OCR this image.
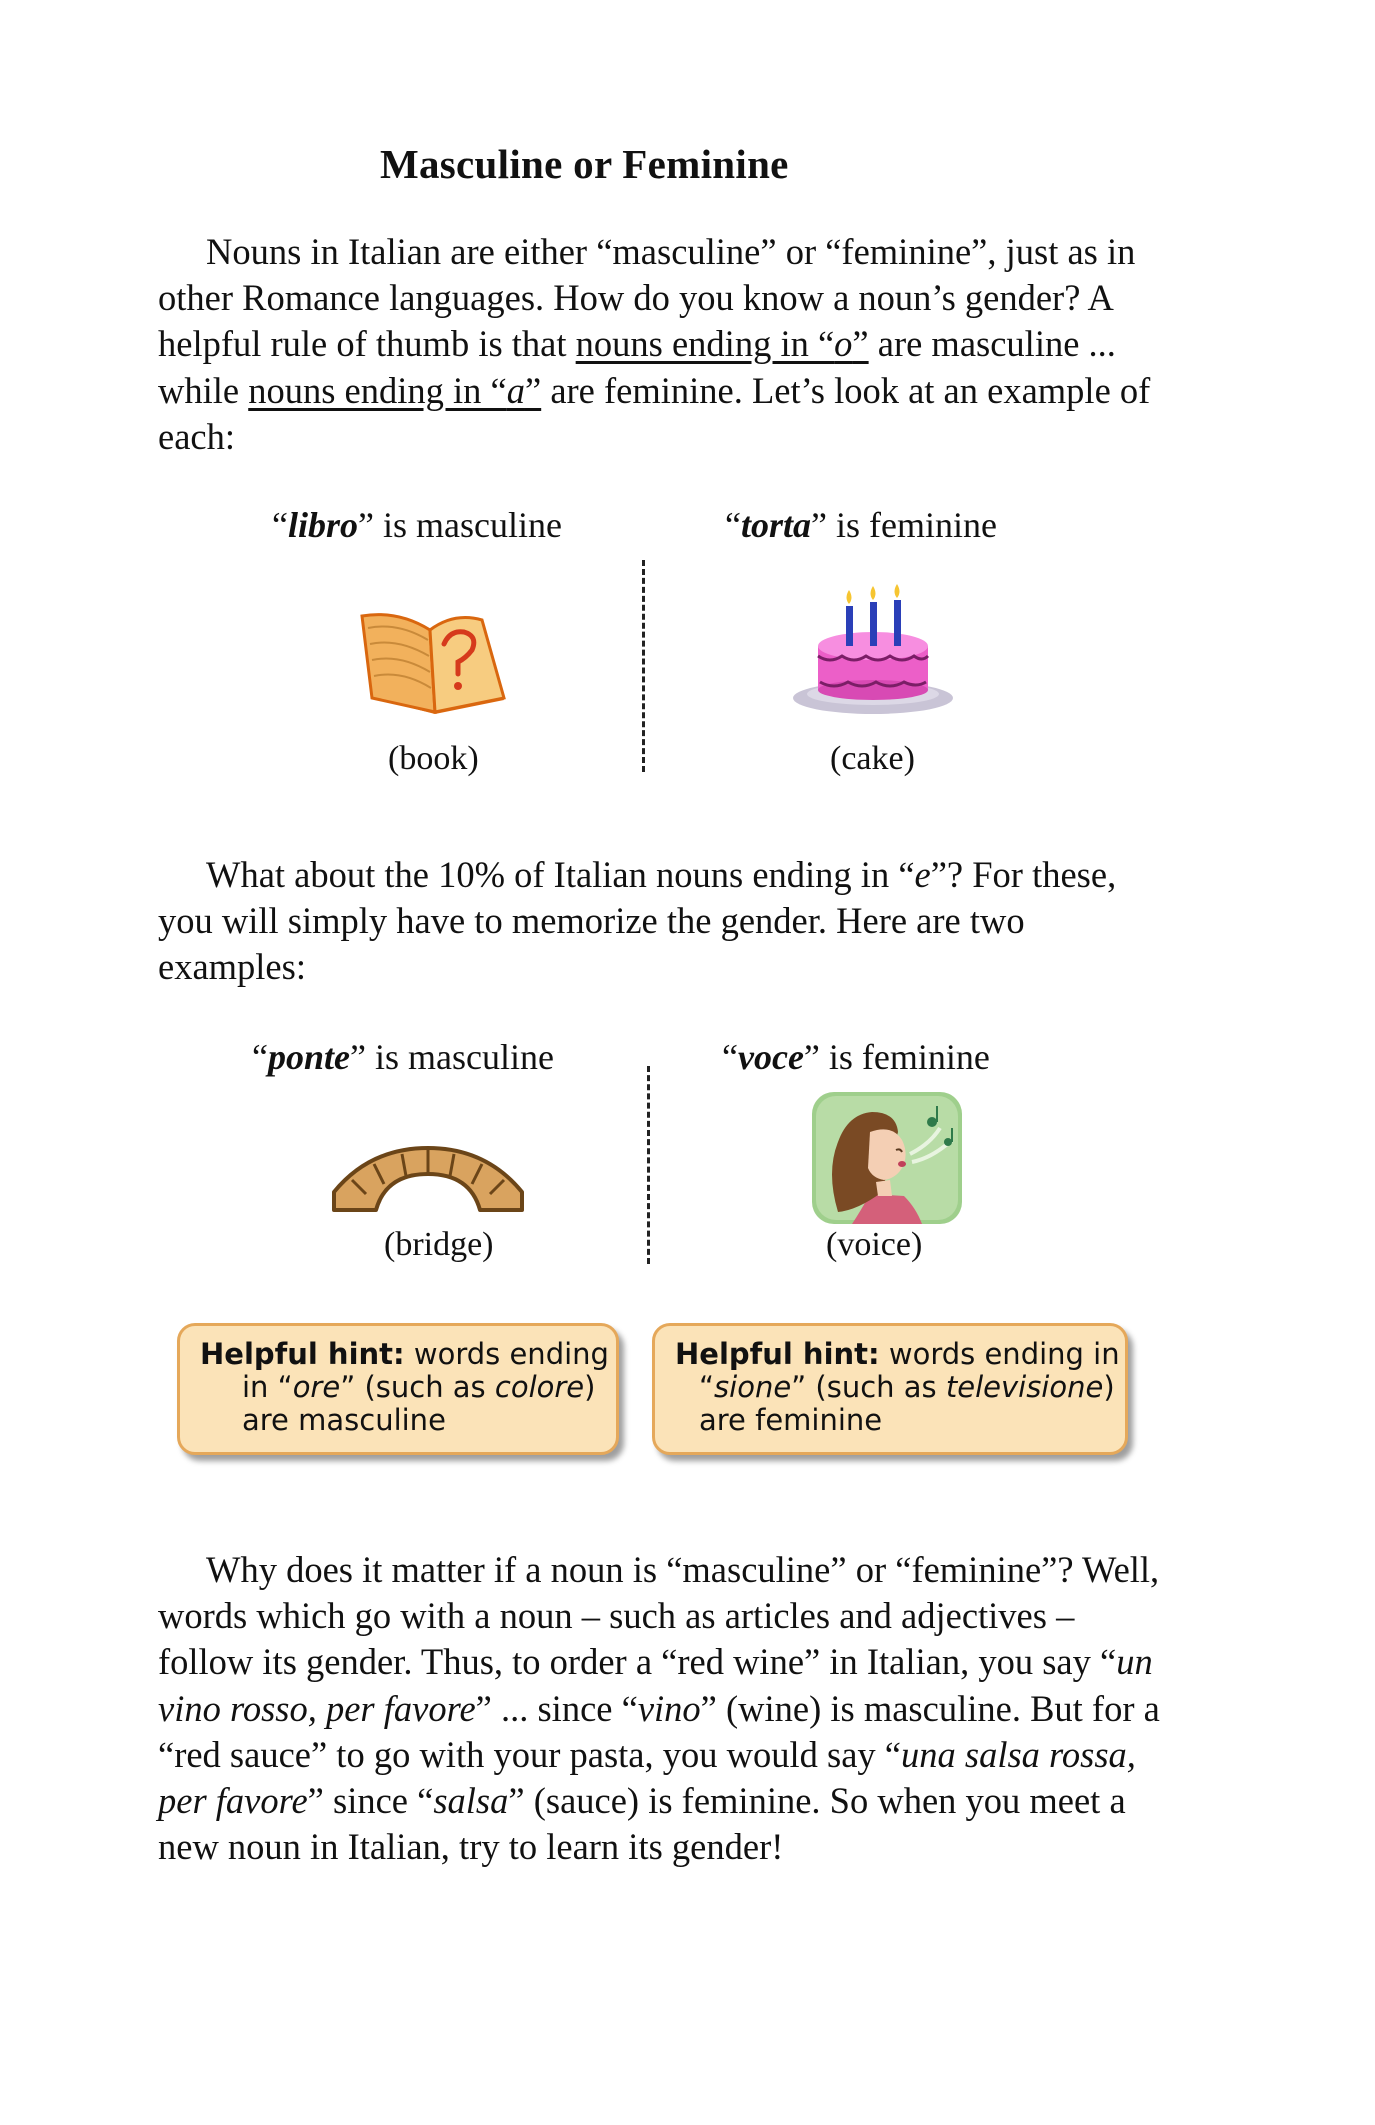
Masculine or Feminine

Nouns in Italian are either “masculine” or “feminine”, just as in other Romance languages. How do you know a noun’s gender? A helpful rule of thumb is that nouns ending in “o” are masculine ... while nouns ending in “a” are feminine. Let’s look at an example of each:

“libro” is masculine	“torta” is feminine

(book)	(cake)

What about the 10% of Italian nouns ending in “e”? For these, you will simply have to memorize the gender. Here are two examples:

“ponte” is masculine	“voce” is feminine

(bridge)	(voice)

Helpful hint: words ending
in “ore” (such as colore)
are masculine
Helpful hint: words ending in
“sione” (such as televisione)
are feminine

Why does it matter if a noun is “masculine” or “feminine”? Well, words which go with a noun – such as articles and adjectives – follow its gender. Thus, to order a “red wine” in Italian, you say “un vino rosso, per favore” ... since “vino” (wine) is masculine. But for a “red sauce” to go with your pasta, you would say “una salsa rossa, per favore” since “salsa” (sauce) is feminine. So when you meet a new noun in Italian, try to learn its gender!
